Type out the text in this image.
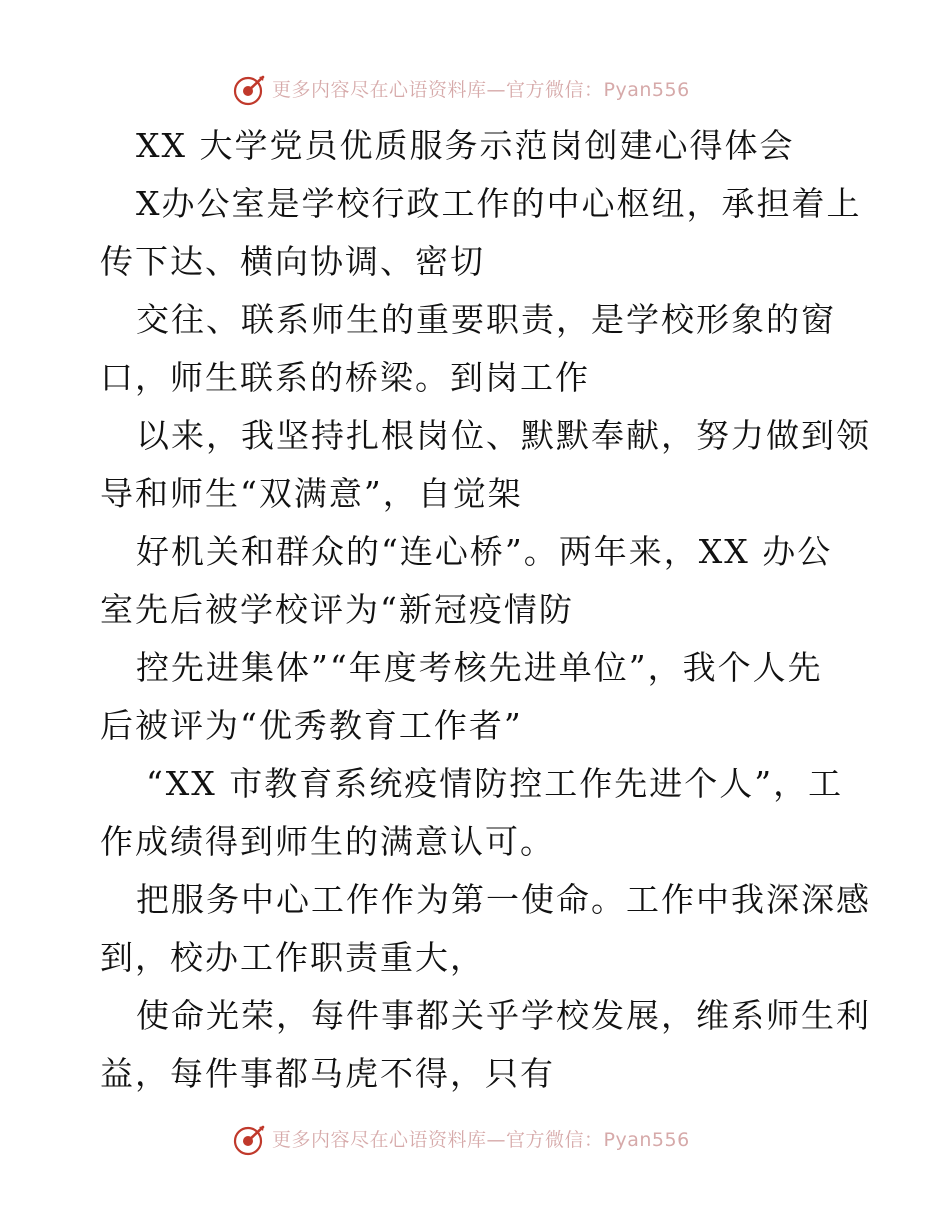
更多内容尽在心语资料库—官方微信：Pyan556
XX 大学党员优质服务示范岗创建心得体会
X办公室是学校行政工作的中心枢纽，承担着上
传下达、横向协调、密切
交往、联系师生的重要职责，是学校形象的窗
口，师生联系的桥梁。到岗工作
以来，我坚持扎根岗位、默默奉献，努力做到领
导和师生“双满意”，自觉架
好机关和群众的“连心桥”。两年来，XX 办公
室先后被学校评为“新冠疫情防
控先进集体”“年度考核先进单位”，我个人先
后被评为“优秀教育工作者”
“XX 市教育系统疫情防控工作先进个人”，工
作成绩得到师生的满意认可。
把服务中心工作作为第一使命。工作中我深深感
到，校办工作职责重大，
使命光荣，每件事都关乎学校发展，维系师生利
益，每件事都马虎不得，只有
更多内容尽在心语资料库—官方微信：Pyan556
